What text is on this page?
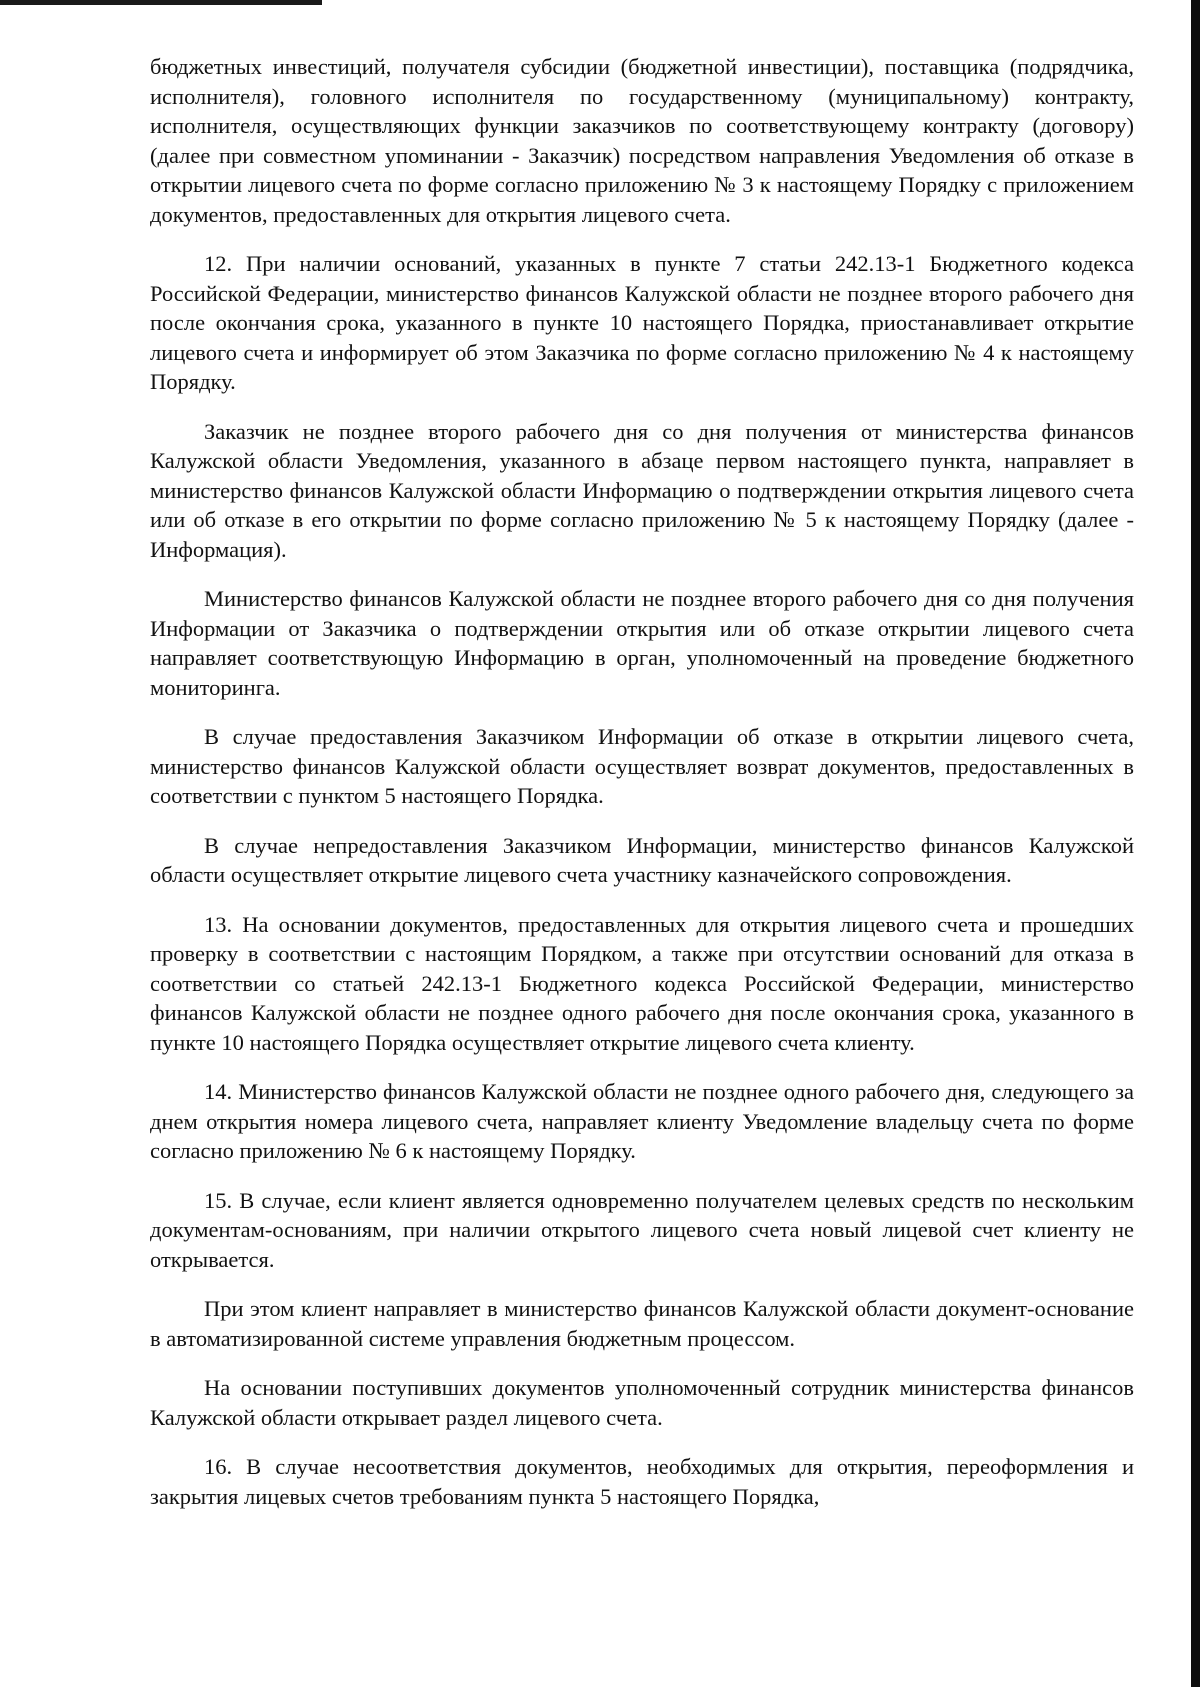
бюджетных инвестиций, получателя субсидии (бюджетной инвестиции), поставщика (подрядчика, исполнителя), головного исполнителя по государственному (муниципальному) контракту, исполнителя, осуществляющих функции заказчиков по соответствующему контракту (договору) (далее при совместном упоминании - Заказчик) посредством направления Уведомления об отказе в открытии лицевого счета по форме согласно приложению № 3 к настоящему Порядку с приложением документов, предоставленных для открытия лицевого счета.

12. При наличии оснований, указанных в пункте 7 статьи 242.13-1 Бюджетного кодекса Российской Федерации, министерство финансов Калужской области не позднее второго рабочего дня после окончания срока, указанного в пункте 10 настоящего Порядка, приостанавливает открытие лицевого счета и информирует об этом Заказчика по форме согласно приложению № 4 к настоящему Порядку.

Заказчик не позднее второго рабочего дня со дня получения от министерства финансов Калужской области Уведомления, указанного в абзаце первом настоящего пункта, направляет в министерство финансов Калужской области Информацию о подтверждении открытия лицевого счета или об отказе в его открытии по форме согласно приложению № 5 к настоящему Порядку (далее - Информация).

Министерство финансов Калужской области не позднее второго рабочего дня со дня получения Информации от Заказчика о подтверждении открытия или об отказе открытии лицевого счета направляет соответствующую Информацию в орган, уполномоченный на проведение бюджетного мониторинга.

В случае предоставления Заказчиком Информации об отказе в открытии лицевого счета, министерство финансов Калужской области осуществляет возврат документов, предоставленных в соответствии с пунктом 5 настоящего Порядка.

В случае непредоставления Заказчиком Информации, министерство финансов Калужской области осуществляет открытие лицевого счета участнику казначейского сопровождения.

13. На основании документов, предоставленных для открытия лицевого счета и прошедших проверку в соответствии с настоящим Порядком, а также при отсутствии оснований для отказа в соответствии со статьей 242.13-1 Бюджетного кодекса Российской Федерации, министерство финансов Калужской области не позднее одного рабочего дня после окончания срока, указанного в пункте 10 настоящего Порядка осуществляет открытие лицевого счета клиенту.

14. Министерство финансов Калужской области не позднее одного рабочего дня, следующего за днем открытия номера лицевого счета, направляет клиенту Уведомление владельцу счета по форме согласно приложению № 6 к настоящему Порядку.

15. В случае, если клиент является одновременно получателем целевых средств по нескольким документам-основаниям, при наличии открытого лицевого счета новый лицевой счет клиенту не открывается.

При этом клиент направляет в министерство финансов Калужской области документ-основание в автоматизированной системе управления бюджетным процессом.

На основании поступивших документов уполномоченный сотрудник министерства финансов Калужской области открывает раздел лицевого счета.

16. В случае несоответствия документов, необходимых для открытия, переоформления и закрытия лицевых счетов требованиям пункта 5 настоящего Порядка,
